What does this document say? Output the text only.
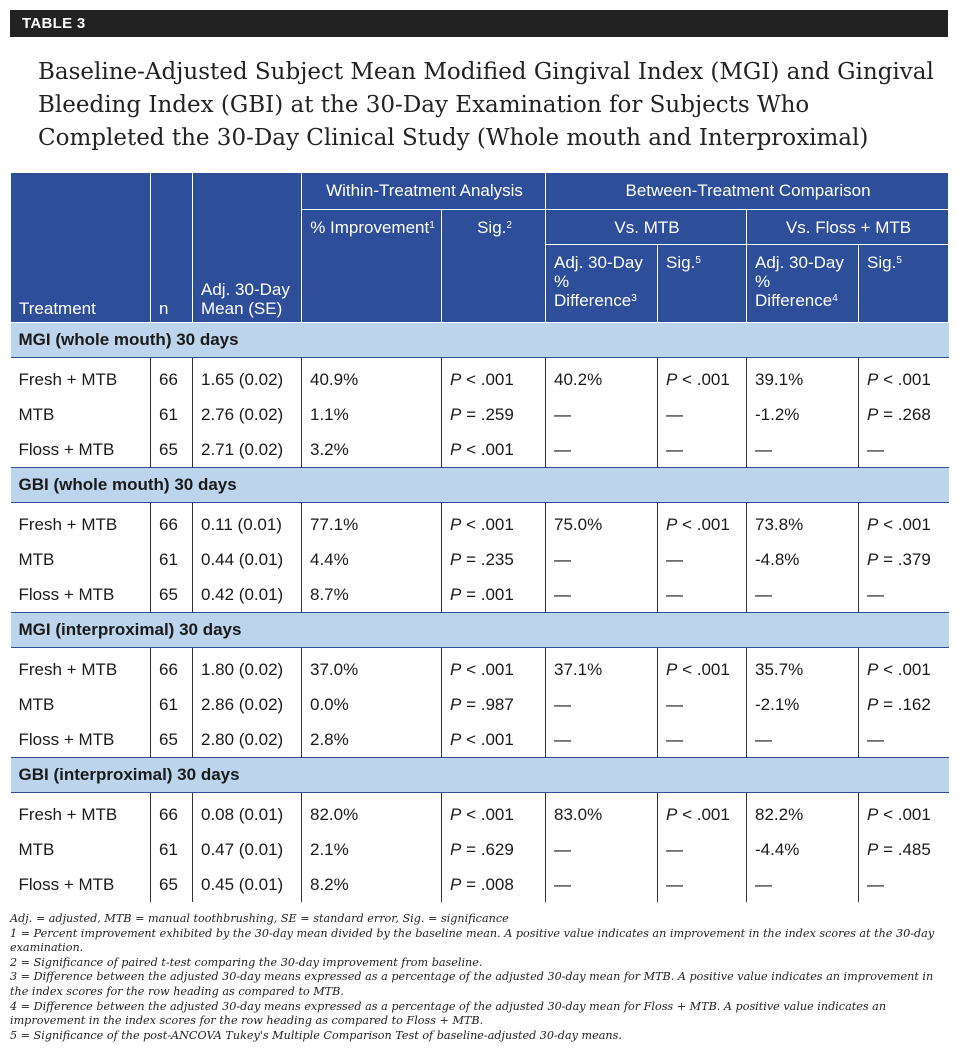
TABLE 3
Baseline-Adjusted Subject Mean Modified Gingival Index (MGI) and Gingival Bleeding Index (GBI) at the 30-Day Examination for Subjects Who Completed the 30-Day Clinical Study (Whole mouth and Interproximal)
Treatment	n	Adj. 30-Day Mean (SE)	Within-Treatment Analysis		Between-Treatment Comparison			
			% Improvement$^1$	Sig.$^2$	Vs. MTB		Vs. Floss + MTB	
					Adj. 30-Day % Difference$^3$	Sig.$^5$	Adj. 30-Day % Difference$^4$	Sig.$^5$
MGI (whole mouth) 30 days								
Fresh + MTB	66	1.65 (0.02)	40.9%	P < .001	40.2%	P < .001	39.1%	P < .001
MTB	61	2.76 (0.02)	1.1%	P = .259	—	—	-1.2%	P = .268
Floss + MTB	65	2.71 (0.02)	3.2%	P < .001	—	—	—	—
GBI (whole mouth) 30 days								
Fresh + MTB	66	0.11 (0.01)	77.1%	P < .001	75.0%	P < .001	73.8%	P < .001
MTB	61	0.44 (0.01)	4.4%	P = .235	—	—	-4.8%	P = .379
Floss + MTB	65	0.42 (0.01)	8.7%	P = .001	—	—	—	—
MGI (interproximal) 30 days								
Fresh + MTB	66	1.80 (0.02)	37.0%	P < .001	37.1%	P < .001	35.7%	P < .001
MTB	61	2.86 (0.02)	0.0%	P = .987	—	—	-2.1%	P = .162
Floss + MTB	65	2.80 (0.02)	2.8%	P < .001	—	—	—	—
GBI (interproximal) 30 days								
Fresh + MTB	66	0.08 (0.01)	82.0%	P < .001	83.0%	P < .001	82.2%	P < .001
MTB	61	0.47 (0.01)	2.1%	P = .629	—	—	-4.4%	P = .485
Floss + MTB	65	0.45 (0.01)	8.2%	P = .008	—	—	—	—

Adj. = adjusted, MTB = manual toothbrushing, SE = standard error, Sig. = significance

1 = Percent improvement exhibited by the 30-day mean divided by the baseline mean. A positive value indicates an improvement in the index scores at the 30-day examination.

2 = Significance of paired t-test comparing the 30-day improvement from baseline.

3 = Difference between the adjusted 30-day means expressed as a percentage of the adjusted 30-day mean for MTB. A positive value indicates an improvement in the index scores for the row heading as compared to MTB.

4 = Difference between the adjusted 30-day means expressed as a percentage of the adjusted 30-day mean for Floss + MTB. A positive value indicates an improvement in the index scores for the row heading as compared to Floss + MTB.

5 = Significance of the post-ANCOVA Tukey's Multiple Comparison Test of baseline-adjusted 30-day means.
